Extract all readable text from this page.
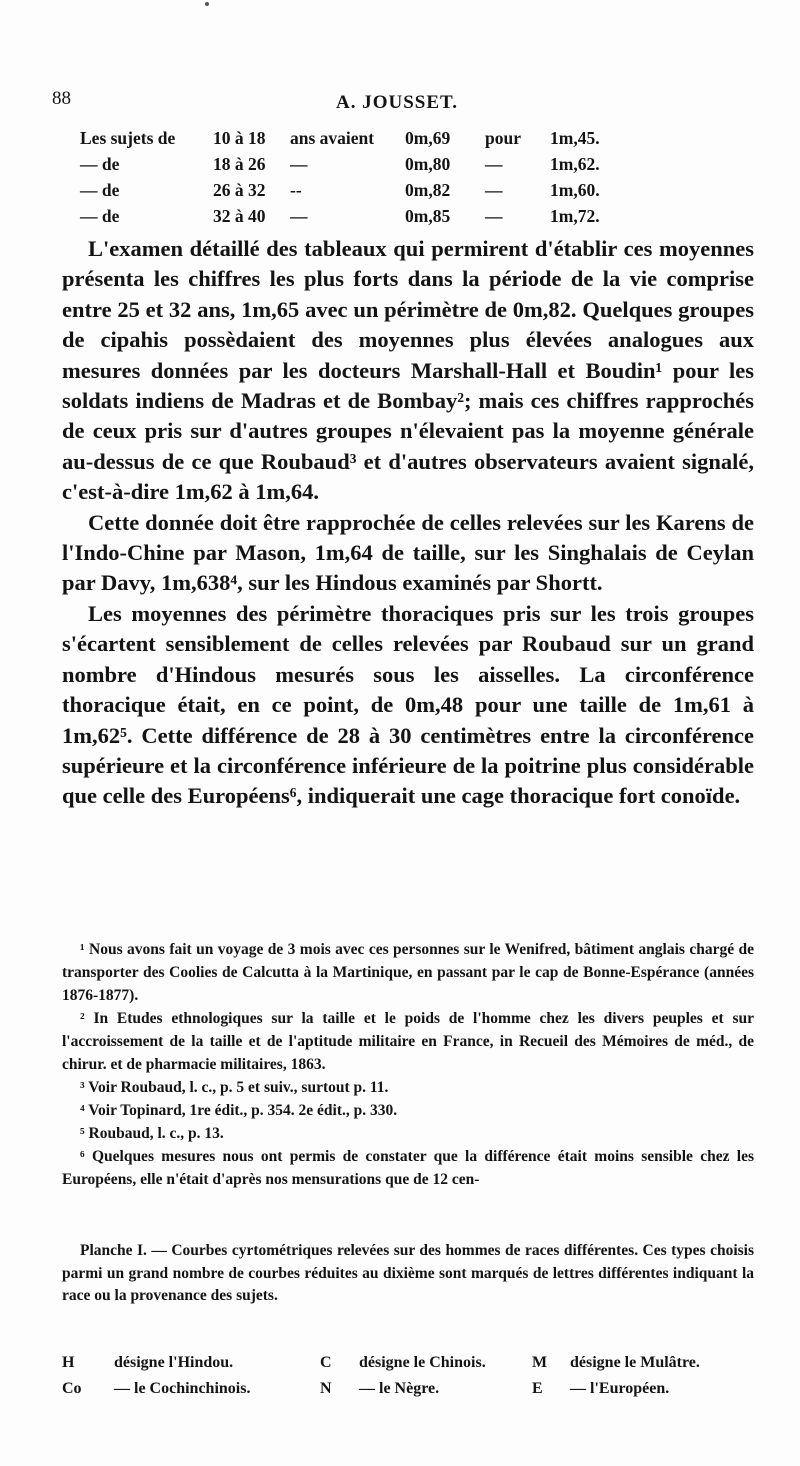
88	A. JOUSSET.
Les sujets de 10 à 18 ans avaient 0m,69 pour 1m,45.
— de	18 à 26 —	0m,80 —	1m,62.
— de	26 à 32 --	0m,82 —	1m,60.
— de	32 à 40 —	0m,85 —	1m,72.

L'examen détaillé des tableaux qui permirent d'établir ces moyennes présenta les chiffres les plus forts dans la période de la vie comprise entre 25 et 32 ans, 1m,65 avec un périmètre de 0m,82. Quelques groupes de cipahis possèdaient des moyennes plus élevées analogues aux mesures données par les docteurs Marshall-Hall et Boudin¹ pour les soldats indiens de Madras et de Bombay²; mais ces chiffres rapprochés de ceux pris sur d'autres groupes n'élevaient pas la moyenne générale au-dessus de ce que Roubaud³ et d'autres observateurs avaient signalé, c'est-à-dire 1m,62 à 1m,64.

Cette donnée doit être rapprochée de celles relevées sur les Karens de l'Indo-Chine par Mason, 1m,64 de taille, sur les Singhalais de Ceylan par Davy, 1m,638⁴, sur les Hindous examinés par Shortt.

Les moyennes des périmètre thoraciques pris sur les trois groupes s'écartent sensiblement de celles relevées par Roubaud sur un grand nombre d'Hindous mesurés sous les aisselles. La circonférence thoracique était, en ce point, de 0m,48 pour une taille de 1m,61 à 1m,62⁵. Cette différence de 28 à 30 centimètres entre la circonférence supérieure et la circonférence inférieure de la poitrine plus considérable que celle des Européens⁶, indiquerait une cage thoracique fort conoïde.

¹ Nous avons fait un voyage de 3 mois avec ces personnes sur le Wenifred, bâtiment anglais chargé de transporter des Coolies de Calcutta à la Martinique, en passant par le cap de Bonne-Espérance (années 1876-1877).

² In Etudes ethnologiques sur la taille et le poids de l'homme chez les divers peuples et sur l'accroissement de la taille et de l'aptitude militaire en France, in Recueil des Mémoires de méd., de chirur. et de pharmacie militaires, 1863.

³ Voir Roubaud, l. c., p. 5 et suiv., surtout p. 11.

⁴ Voir Topinard, 1re édit., p. 354. 2e édit., p. 330.

⁵ Roubaud, l. c., p. 13.

⁶ Quelques mesures nous ont permis de constater que la différence était moins sensible chez les Européens, elle n'était d'après nos mensurations que de 12 cen-

Planche I. — Courbes cyrtométriques relevées sur des hommes de races différentes. Ces types choisis parmi un grand nombre de courbes réduites au dixième sont marqués de lettres différentes indiquant la race ou la provenance des sujets.

H désigne l'Hindou.	C désigne le Chinois.	M désigne le Mulâtre.
Co — le Cochinchinois.	N — le Nègre.	E — l'Européen.
